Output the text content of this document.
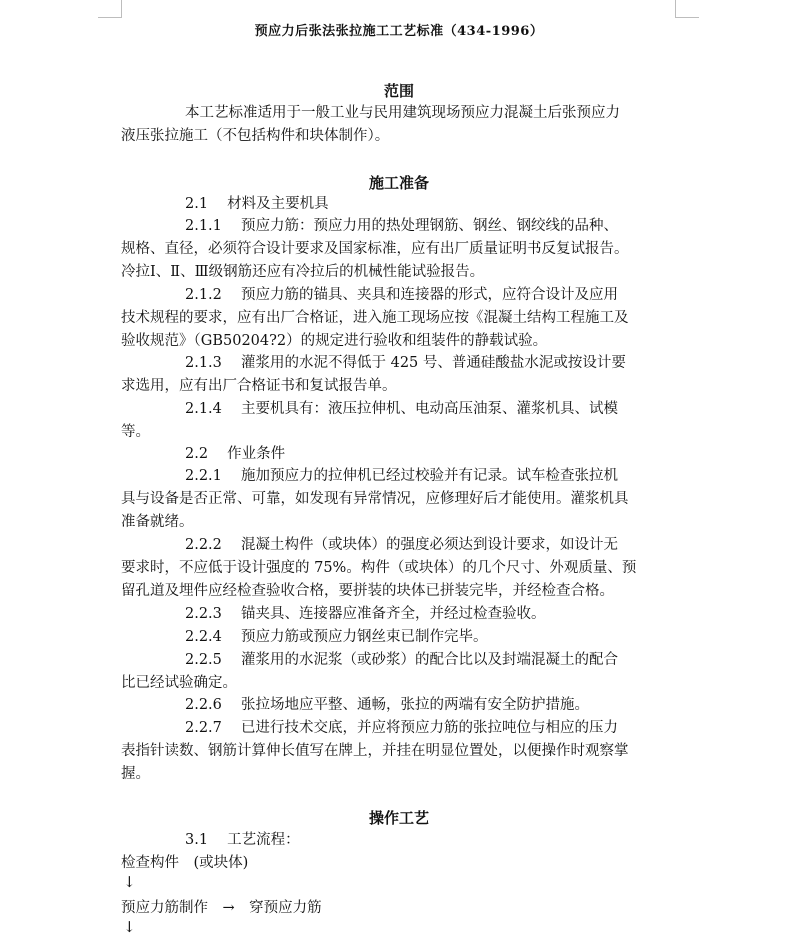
预应力后张法张拉施工工艺标准（434-1996）
范围
本工艺标准适用于一般工业与民用建筑现场预应力混凝土后张预应力
液压张拉施工（不包括构件和块体制作）。
施工准备
2.1　 材料及主要机具
2.1.1　 预应力筋：预应力用的热处理钢筋、钢丝、钢绞线的品种、
规格、直径，必须符合设计要求及国家标准，应有出厂质量证明书反复试报告。
冷拉Ⅰ、Ⅱ、Ⅲ级钢筋还应有冷拉后的机械性能试验报告。
2.1.2　 预应力筋的锚具、夹具和连接器的形式，应符合设计及应用
技术规程的要求，应有出厂合格证，进入施工现场应按《混凝土结构工程施工及
验收规范》（GB50204?2）的规定进行验收和组装件的静载试验。
2.1.3　 灌浆用的水泥不得低于 425 号、普通硅酸盐水泥或按设计要
求选用，应有出厂合格证书和复试报告单。
2.1.4　 主要机具有：液压拉伸机、电动高压油泵、灌浆机具、试模
等。
2.2　 作业条件
2.2.1　 施加预应力的拉伸机已经过校验并有记录。试车检查张拉机
具与设备是否正常、可靠，如发现有异常情况，应修理好后才能使用。灌浆机具
准备就绪。
2.2.2　 混凝土构件（或块体）的强度必须达到设计要求，如设计无
要求时，不应低于设计强度的 75%。构件（或块体）的几个尺寸、外观质量、预
留孔道及埋件应经检查验收合格，要拼装的块体已拼装完毕，并经检查合格。
2.2.3　 锚夹具、连接器应准备齐全，并经过检查验收。
2.2.4　 预应力筋或预应力钢丝束已制作完毕。
2.2.5　 灌浆用的水泥浆（或砂浆）的配合比以及封端混凝土的配合
比已经试验确定。
2.2.6　 张拉场地应平整、通畅，张拉的两端有安全防护措施。
2.2.7　 已进行技术交底，并应将预应力筋的张拉吨位与相应的压力
表指针读数、钢筋计算伸长值写在牌上，并挂在明显位置处，以便操作时观察掌
握。
操作工艺
3.1　 工艺流程：
检查构件　(或块体)
↓
预应力筋制作　→　穿预应力筋
↓
